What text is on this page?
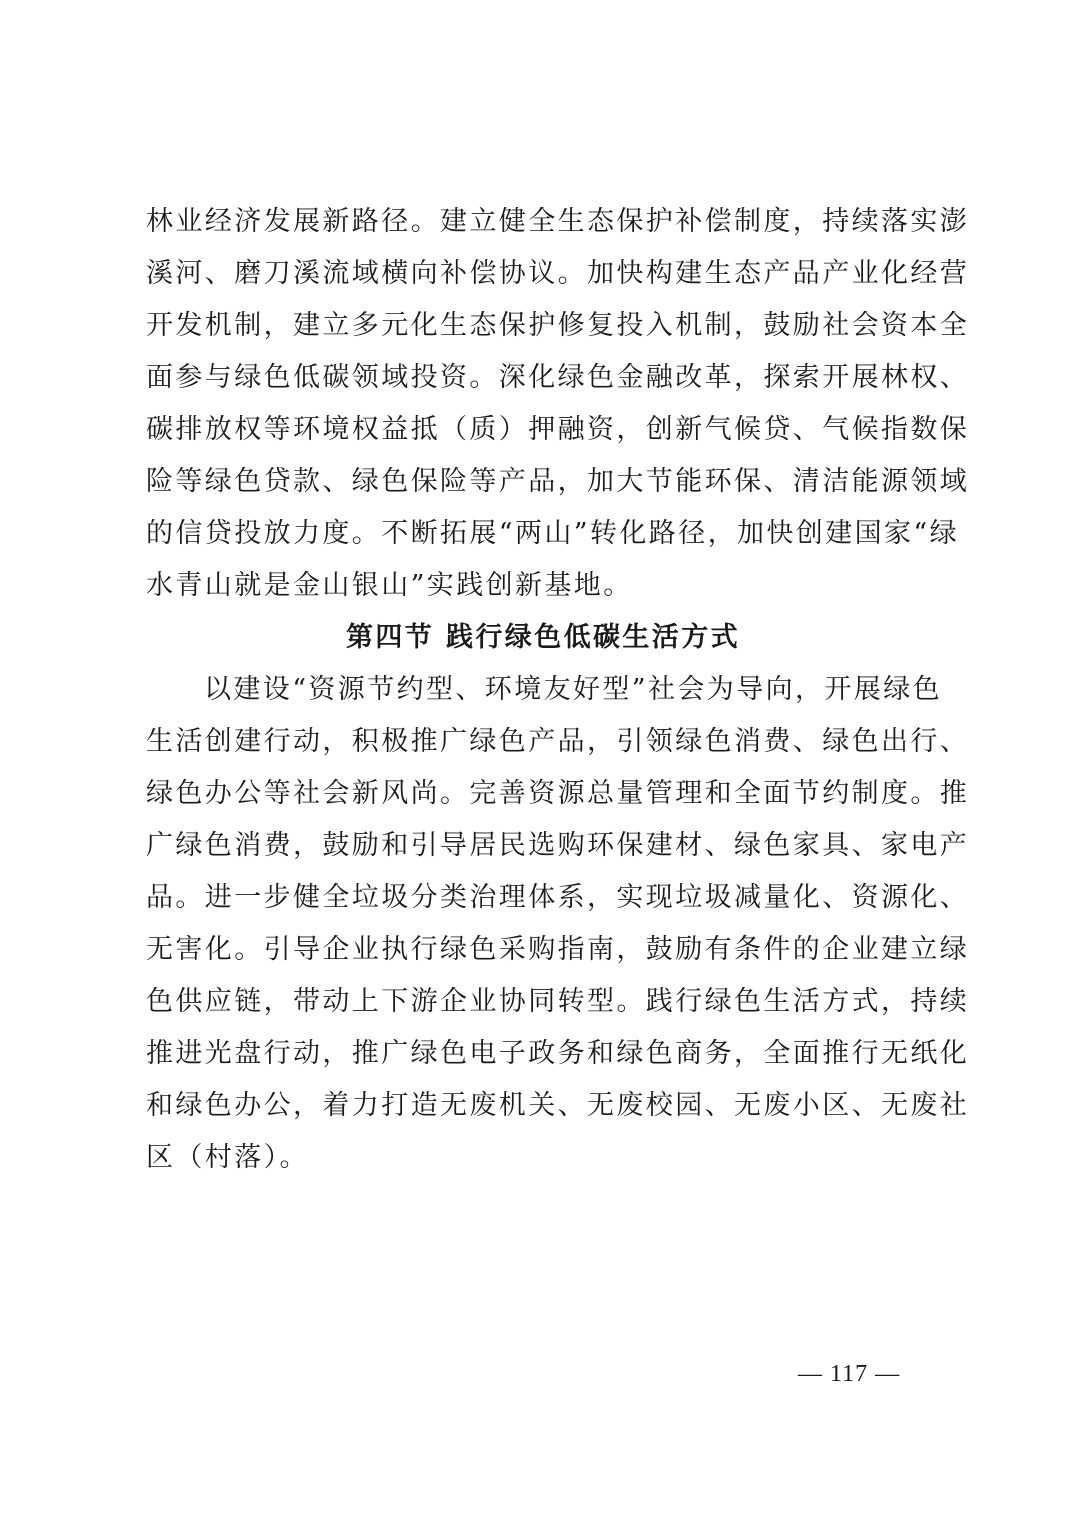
林业经济发展新路径。建立健全生态保护补偿制度，持续落实澎
溪河、磨刀溪流域横向补偿协议。加快构建生态产品产业化经营
开发机制，建立多元化生态保护修复投入机制，鼓励社会资本全
面参与绿色低碳领域投资。深化绿色金融改革，探索开展林权、
碳排放权等环境权益抵（质）押融资，创新气候贷、气候指数保
险等绿色贷款、绿色保险等产品，加大节能环保、清洁能源领域
的信贷投放力度。不断拓展“两山”转化路径，加快创建国家“绿
水青山就是金山银山”实践创新基地。
第四节 践行绿色低碳生活方式
以建设“资源节约型、环境友好型”社会为导向，开展绿色
生活创建行动，积极推广绿色产品，引领绿色消费、绿色出行、
绿色办公等社会新风尚。完善资源总量管理和全面节约制度。推
广绿色消费，鼓励和引导居民选购环保建材、绿色家具、家电产
品。进一步健全垃圾分类治理体系，实现垃圾减量化、资源化、
无害化。引导企业执行绿色采购指南，鼓励有条件的企业建立绿
色供应链，带动上下游企业协同转型。践行绿色生活方式，持续
推进光盘行动，推广绿色电子政务和绿色商务，全面推行无纸化
和绿色办公，着力打造无废机关、无废校园、无废小区、无废社
区（村落）。
— 117 —
